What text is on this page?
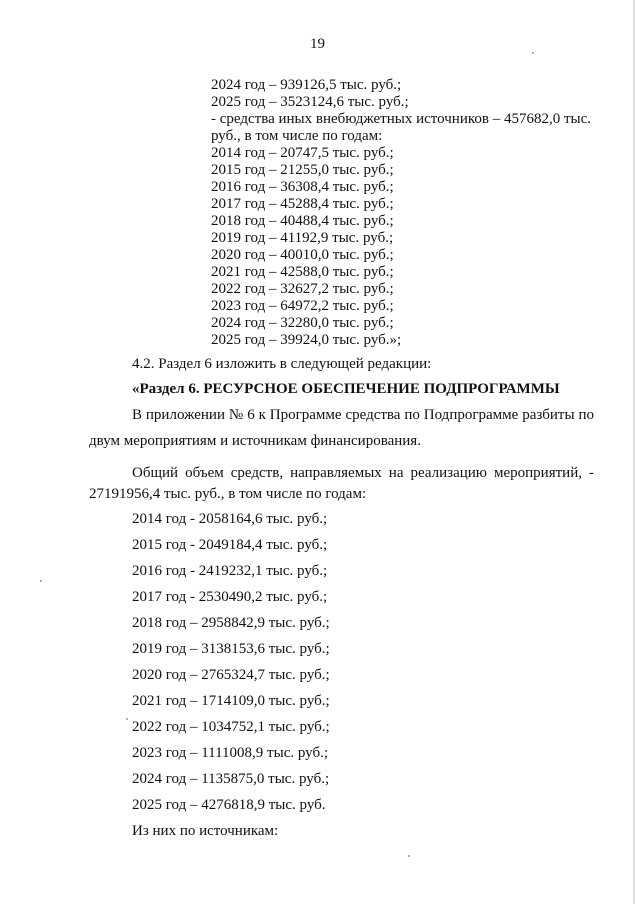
19
2024 год – 939126,5 тыс. руб.;
2025 год – 3523124,6 тыс. руб.;
- средства иных внебюджетных источников – 457682,0 тыс.
руб., в том числе по годам:
2014 год – 20747,5 тыс. руб.;
2015 год – 21255,0 тыс. руб.;
2016 год – 36308,4 тыс. руб.;
2017 год – 45288,4 тыс. руб.;
2018 год – 40488,4 тыс. руб.;
2019 год – 41192,9 тыс. руб.;
2020 год – 40010,0 тыс. руб.;
2021 год – 42588,0 тыс. руб.;
2022 год – 32627,2 тыс. руб.;
2023 год – 64972,2 тыс. руб.;
2024 год – 32280,0 тыс. руб.;
2025 год – 39924,0 тыс. руб.»;
4.2. Раздел 6 изложить в следующей редакции:
«Раздел 6. РЕСУРСНОЕ ОБЕСПЕЧЕНИЕ ПОДПРОГРАММЫ
В приложении № 6 к Программе средства по Подпрограмме разбиты по
двум мероприятиям и источникам финансирования.
Общий объем средств, направляемых на реализацию мероприятий, -
27191956,4 тыс. руб., в том числе по годам:
2014 год - 2058164,6 тыс. руб.;
2015 год - 2049184,4 тыс. руб.;
2016 год - 2419232,1 тыс. руб.;
2017 год - 2530490,2 тыс. руб.;
2018 год – 2958842,9 тыс. руб.;
2019 год – 3138153,6 тыс. руб.;
2020 год – 2765324,7 тыс. руб.;
2021 год – 1714109,0 тыс. руб.;
2022 год – 1034752,1 тыс. руб.;
2023 год – 1111008,9 тыс. руб.;
2024 год – 1135875,0 тыс. руб.;
2025 год – 4276818,9 тыс. руб.
Из них по источникам:
